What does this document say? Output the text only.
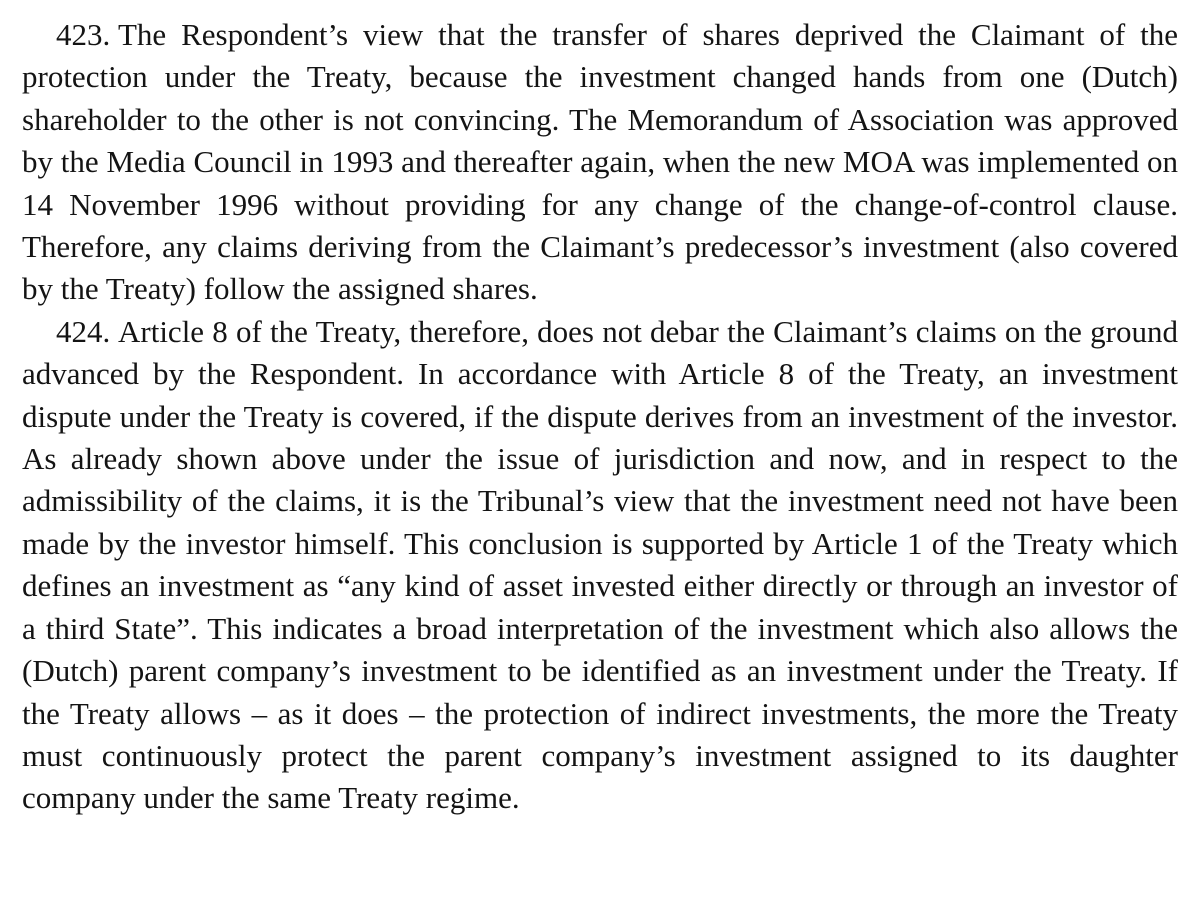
423. The Respondent’s view that the transfer of shares deprived the Claimant of the protection under the Treaty, because the investment changed hands from one (Dutch) shareholder to the other is not convincing. The Memorandum of Association was approved by the Media Council in 1993 and thereafter again, when the new MOA was implemented on 14 November 1996 without providing for any change of the change-of-control clause. Therefore, any claims deriving from the Claimant’s predecessor’s investment (also covered by the Treaty) follow the assigned shares.

424. Article 8 of the Treaty, therefore, does not debar the Claimant’s claims on the ground advanced by the Respondent. In accordance with Article 8 of the Treaty, an investment dispute under the Treaty is covered, if the dispute derives from an investment of the investor. As already shown above under the issue of jurisdiction and now, and in respect to the admissibility of the claims, it is the Tribunal’s view that the investment need not have been made by the investor himself. This conclusion is supported by Article 1 of the Treaty which defines an investment as “any kind of asset invested either directly or through an investor of a third State”. This indicates a broad interpretation of the investment which also allows the (Dutch) parent company’s investment to be identified as an investment under the Treaty. If the Treaty allows – as it does – the protection of indirect investments, the more the Treaty must continuously protect the parent company’s investment assigned to its daughter company under the same Treaty regime.
